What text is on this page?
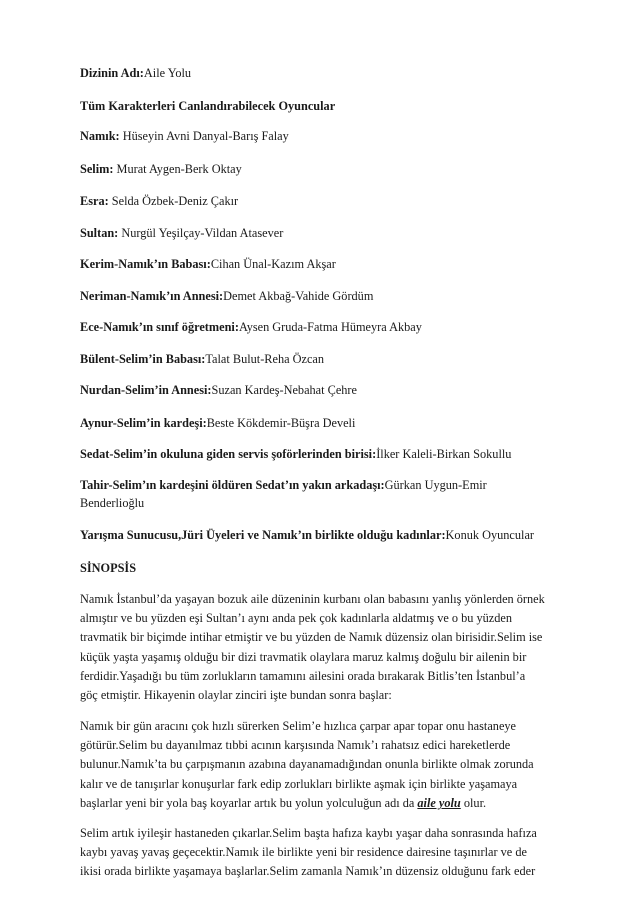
Dizinin Adı:Aile Yolu
Tüm Karakterleri Canlandırabilecek Oyuncular
Namık: Hüseyin Avni Danyal-Barış Falay
Selim: Murat Aygen-Berk Oktay
Esra: Selda Özbek-Deniz Çakır
Sultan: Nurgül Yeşilçay-Vildan Atasever
Kerim-Namık’ın Babası:Cihan Ünal-Kazım Akşar
Neriman-Namık’ın Annesi:Demet Akbağ-Vahide Gördüm
Ece-Namık’ın sınıf öğretmeni:Aysen Gruda-Fatma Hümeyra Akbay
Bülent-Selim’in Babası:Talat Bulut-Reha Özcan
Nurdan-Selim’in Annesi:Suzan Kardeş-Nebahat Çehre
Aynur-Selim’in kardeşi:Beste Kökdemir-Büşra Develi
Sedat-Selim’in okuluna giden servis şoförlerinden birisi:İlker Kaleli-Birkan Sokullu
Tahir-Selim’ın kardeşini öldüren Sedat’ın yakın arkadaşı:Gürkan Uygun-Emir
Benderlioğlu
Yarışma Sunucusu,Jüri Üyeleri ve Namık’ın birlikte olduğu kadınlar:Konuk Oyuncular
SİNOPSİS
Namık İstanbul’da yaşayan bozuk aile düzeninin kurbanı olan babasını yanlış yönlerden örnek
almıştır ve bu yüzden eşi Sultan’ı aynı anda pek çok kadınlarla aldatmış ve o bu yüzden
travmatik bir biçimde intihar etmiştir ve bu yüzden de Namık düzensiz olan birisidir.Selim ise
küçük yaşta yaşamış olduğu bir dizi travmatik olaylara maruz kalmış doğulu bir ailenin bir
ferdidir.Yaşadığı bu tüm zorlukların tamamını ailesini orada bırakarak Bitlis’ten İstanbul’a
göç etmiştir. Hikayenin olaylar zinciri işte bundan sonra başlar:
Namık bir gün aracını çok hızlı sürerken Selim’e hızlıca çarpar apar topar onu hastaneye
götürür.Selim bu dayanılmaz tıbbi acının karşısında Namık’ı rahatsız edici hareketlerde
bulunur.Namık’ta bu çarpışmanın azabına dayanamadığından onunla birlikte olmak zorunda
kalır ve de tanışırlar konuşurlar fark edip zorlukları birlikte aşmak için birlikte yaşamaya
başlarlar yeni bir yola baş koyarlar artık bu yolun yolculuğun adı da aile yolu olur.
Selim artık iyileşir hastaneden çıkarlar.Selim başta hafıza kaybı yaşar daha sonrasında hafıza
kaybı yavaş yavaş geçecektir.Namık ile birlikte yeni bir residence dairesine taşınırlar ve de
ikisi orada birlikte yaşamaya başlarlar.Selim zamanla Namık’ın düzensiz olduğunu fark eder
